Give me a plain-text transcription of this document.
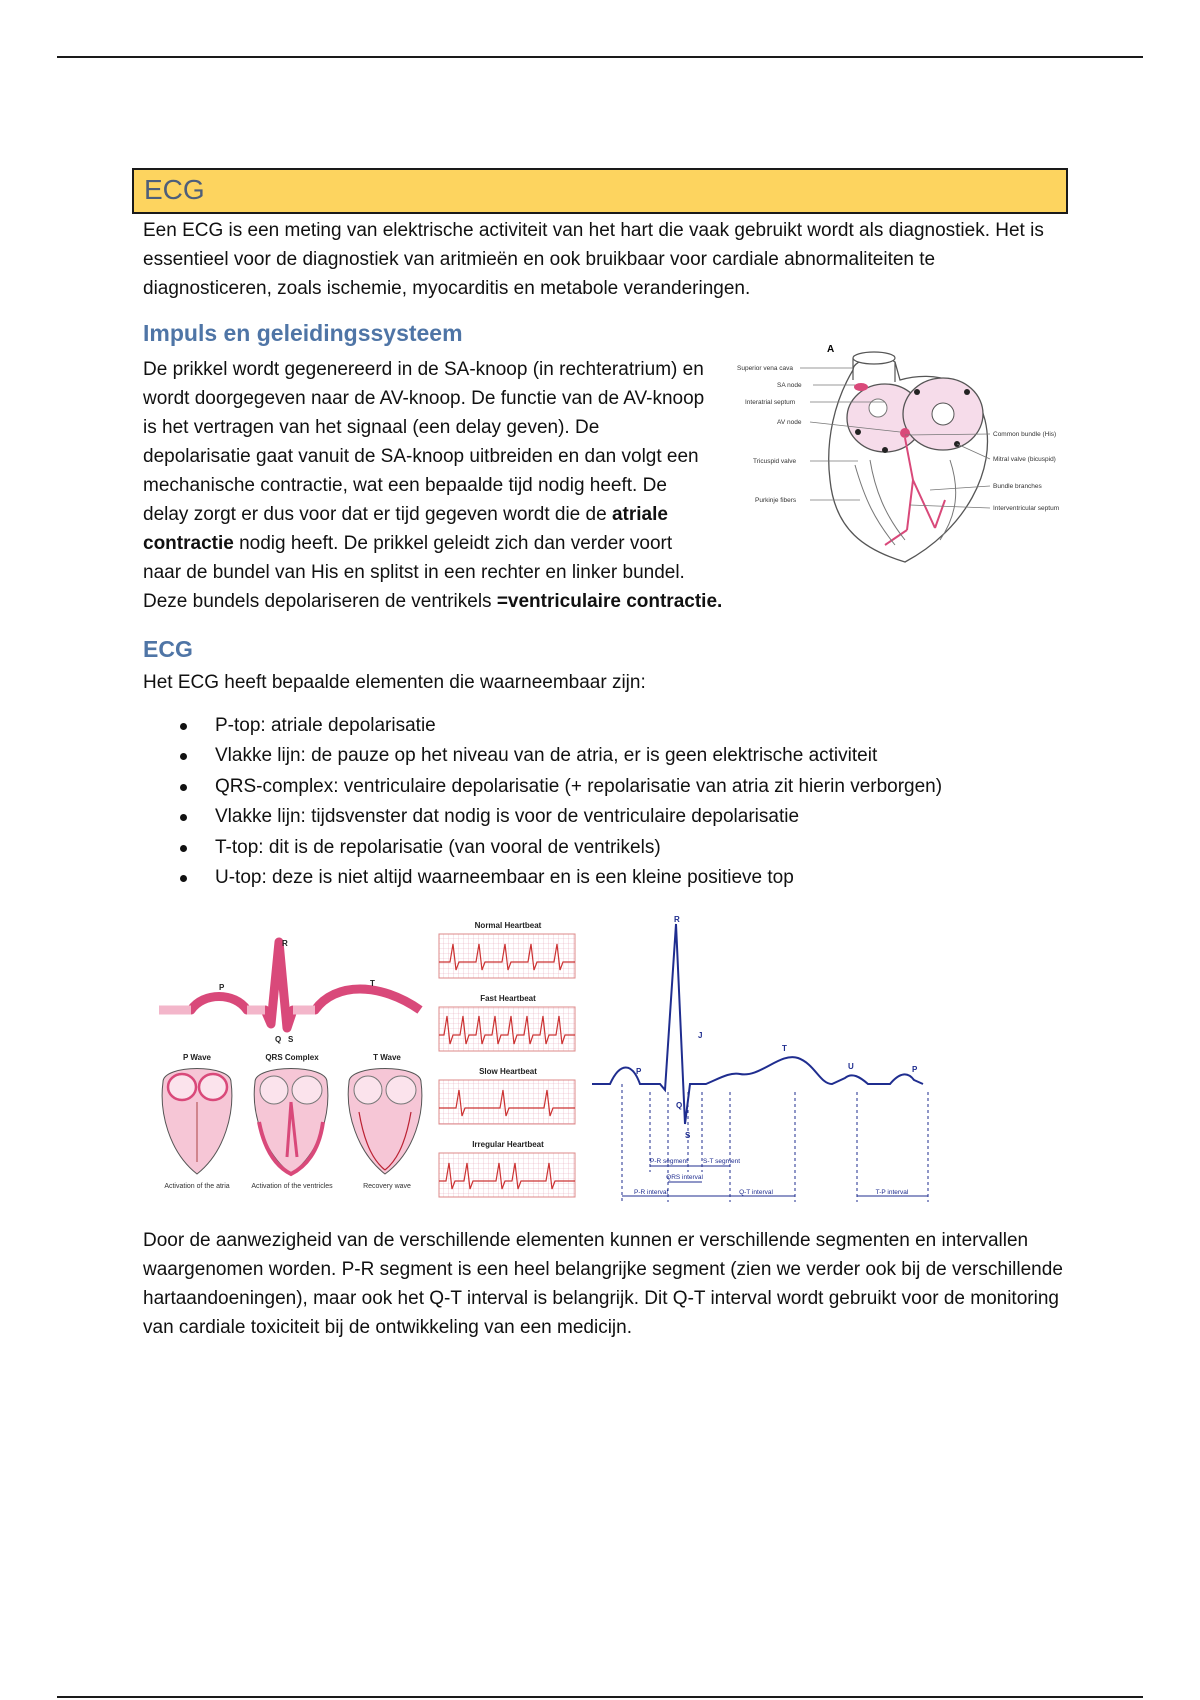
ECG

Een ECG is een meting van elektrische activiteit van het hart die vaak gebruikt wordt als diagnostiek. Het is essentieel voor de diagnostiek van aritmieën en ook bruikbaar voor cardiale abnormaliteiten te diagnosticeren, zoals ischemie, myocarditis en metabole veranderingen.

Impuls en geleidingssysteem

De prikkel wordt gegenereerd in de SA-knoop (in rechteratrium) en wordt doorgegeven naar de AV-knoop. De functie van de AV-knoop is het vertragen van het signaal (een delay geven). De depolarisatie gaat vanuit de SA-knoop uitbreiden en dan volgt een mechanische contractie, wat een bepaalde tijd nodig heeft. De delay zorgt er dus voor dat er tijd gegeven wordt die de atriale contractie nodig heeft. De prikkel geleidt zich dan verder voort naar de bundel van His en splitst in een rechter en linker bundel. Deze bundels depolariseren de ventrikels =ventriculaire contractie.

A
Superior vena cava
SA node
Interatrial septum
AV node
Tricuspid valve
Purkinje fibers
Common bundle (His)
Mitral valve (bicuspid)
Bundle branches
Interventricular septum
ECG

Het ECG heeft bepaalde elementen die waarneembaar zijn:

P-top: atriale depolarisatie
Vlakke lijn: de pauze op het niveau van de atria, er is geen elektrische activiteit
QRS-complex: ventriculaire depolarisatie (+ repolarisatie van atria zit hierin verborgen)
Vlakke lijn: tijdsvenster dat nodig is voor de ventriculaire depolarisatie
T-top: dit is de repolarisatie (van vooral de ventrikels)
U-top: deze is niet altijd waarneembaar en is een kleine positieve top
P
R
T
Q S
P Wave	QRS Complex	T Wave
Activation of the atria	Activation of the ventricles	Recovery wave
Normal Heartbeat
Fast Heartbeat
Slow Heartbeat
Irregular Heartbeat
P
R
Q
S
J
T
U	P
P-R segment S-T segment
QRS interval
P-R interval	Q-T interval	T-P interval

Door de aanwezigheid van de verschillende elementen kunnen er verschillende segmenten en intervallen waargenomen worden. P-R segment is een heel belangrijke segment (zien we verder ook bij de verschillende hartaandoeningen), maar ook het Q-T interval is belangrijk. Dit Q-T interval wordt gebruikt voor de monitoring van cardiale toxiciteit bij de ontwikkeling van een medicijn.
